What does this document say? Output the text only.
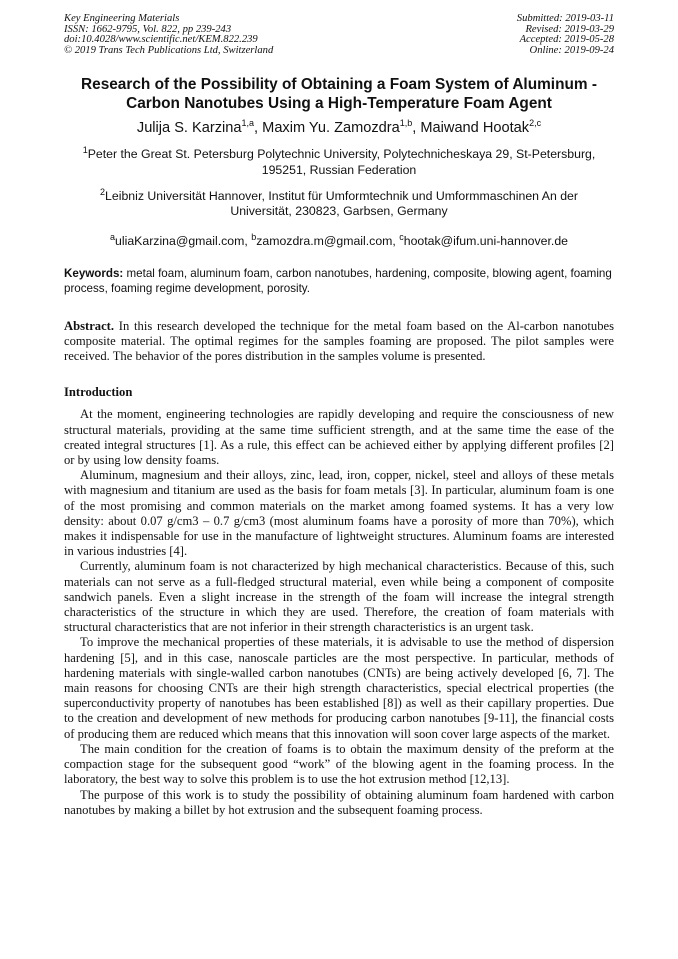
Key Engineering Materials
ISSN: 1662-9795, Vol. 822, pp 239-243
doi:10.4028/www.scientific.net/KEM.822.239
© 2019 Trans Tech Publications Ltd, Switzerland
Submitted: 2019-03-11
Revised: 2019-03-29
Accepted: 2019-05-28
Online: 2019-09-24
Research of the Possibility of Obtaining a Foam System of Aluminum - Carbon Nanotubes Using a High-Temperature Foam Agent
Julija S. Karzina$^{1,a}$, Maxim Yu. Zamozdra$^{1,b}$, Maiwand Hootak$^{2,c}$
$^1$Peter the Great St. Petersburg Polytechnic University, Polytechnicheskaya 29, St-Petersburg, 195251, Russian Federation
$^2$Leibniz Universität Hannover, Institut für Umformtechnik und Umformmaschinen An der Universität, 230823, Garbsen, Germany
$^a$uliaKarzina@gmail.com, $^b$zamozdra.m@gmail.com, $^c$hootak@ifum.uni-hannover.de
Keywords: metal foam, aluminum foam, carbon nanotubes, hardening, composite, blowing agent, foaming process, foaming regime development, porosity.
Abstract. In this research developed the technique for the metal foam based on the Al-carbon nanotubes composite material. The optimal regimes for the samples foaming are proposed. The pilot samples were received. The behavior of the pores distribution in the samples volume is presented.
Introduction

At the moment, engineering technologies are rapidly developing and require the consciousness of new structural materials, providing at the same time sufficient strength, and at the same time the ease of the created integral structures [1]. As a rule, this effect can be achieved either by applying different profiles [2] or by using low density foams.

Aluminum, magnesium and their alloys, zinc, lead, iron, copper, nickel, steel and alloys of these metals with magnesium and titanium are used as the basis for foam metals [3]. In particular, aluminum foam is one of the most promising and common materials on the market among foamed systems. It has a very low density: about 0.07 g/cm3 – 0.7 g/cm3 (most aluminum foams have a porosity of more than 70%), which makes it indispensable for use in the manufacture of lightweight structures. Aluminum foams are interested in various industries [4].

Currently, aluminum foam is not characterized by high mechanical characteristics. Because of this, such materials can not serve as a full-fledged structural material, even while being a component of composite sandwich panels. Even a slight increase in the strength of the foam will increase the integral strength characteristics of the structure in which they are used. Therefore, the creation of foam materials with structural characteristics that are not inferior in their strength characteristics is an urgent task.

To improve the mechanical properties of these materials, it is advisable to use the method of dispersion hardening [5], and in this case, nanoscale particles are the most perspective. In particular, methods of hardening materials with single-walled carbon nanotubes (CNTs) are being actively developed [6, 7]. The main reasons for choosing CNTs are their high strength characteristics, special electrical properties (the superconductivity property of nanotubes has been established [8]) as well as their capillary properties. Due to the creation and development of new methods for producing carbon nanotubes [9-11], the financial costs of producing them are reduced which means that this innovation will soon cover large aspects of the market.

The main condition for the creation of foams is to obtain the maximum density of the preform at the compaction stage for the subsequent good “work” of the blowing agent in the foaming process. In the laboratory, the best way to solve this problem is to use the hot extrusion method [12,13].

The purpose of this work is to study the possibility of obtaining aluminum foam hardened with carbon nanotubes by making a billet by hot extrusion and the subsequent foaming process.
